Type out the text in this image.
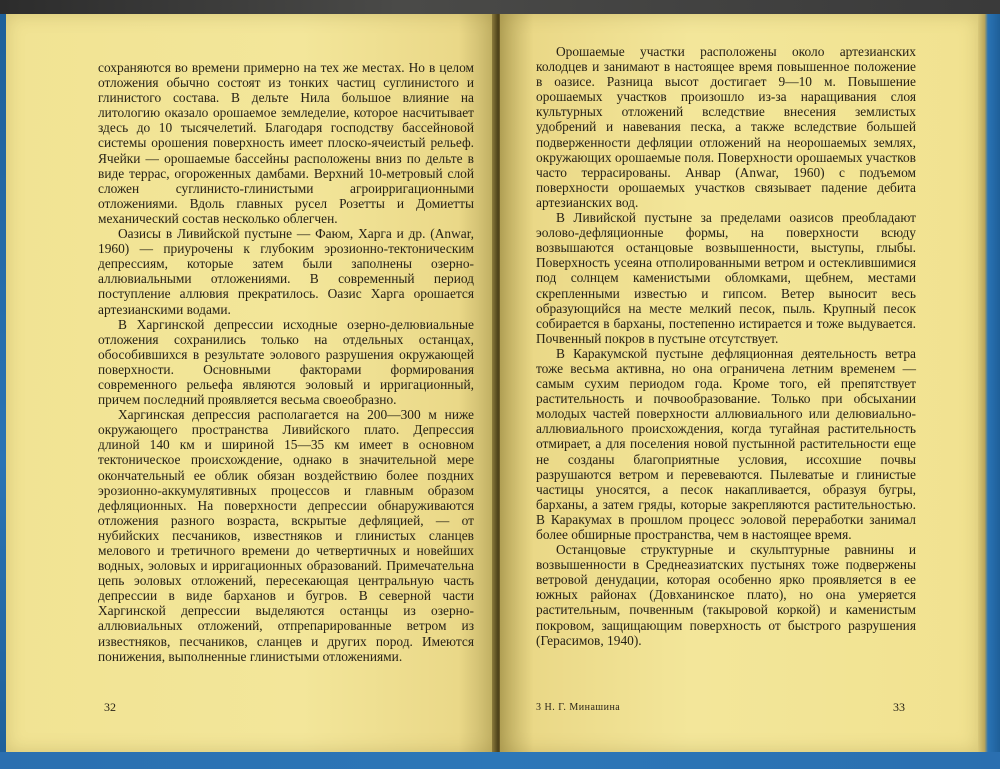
сохраняются во времени примерно на тех же местах. Но в целом отложения обычно состоят из тонких частиц суглинистого и глинистого состава. В дельте Нила большое влияние на литологию оказало орошаемое земледелие, которое насчитывает здесь до 10 тысячелетий. Благодаря господству бассейновой системы орошения поверхность имеет плоско-ячеистый рельеф. Ячейки — орошаемые бассейны расположены вниз по дельте в виде террас, огороженных дамбами. Верхний 10-метровый слой сложен суглинисто-глинистыми агроирригационными отложениями. Вдоль главных русел Розетты и Домиетты механический состав несколько облегчен.

Оазисы в Ливийской пустыне — Фаюм, Харга и др. (Anwar, 1960) — приурочены к глубоким эрозионно-тектоническим депрессиям, которые затем были заполнены озерно-аллювиальными отложениями. В современный период поступление аллювия прекратилось. Оазис Харга орошается артезианскими водами.

В Харгинской депрессии исходные озерно-делювиальные отложения сохранились только на отдельных останцах, обособившихся в результате эолового разрушения окружающей поверхности. Основными факторами формирования современного рельефа являются эоловый и ирригационный, причем последний проявляется весьма своеобразно.

Харгинская депрессия располагается на 200—300 м ниже окружающего пространства Ливийского плато. Депрессия длиной 140 км и шириной 15—35 км имеет в основном тектоническое происхождение, однако в значительной мере окончательный ее облик обязан воздействию более поздних эрозионно-аккумулятивных процессов и главным образом дефляционных. На поверхности депрессии обнаруживаются отложения разного возраста, вскрытые дефляцией, — от нубийских песчаников, известняков и глинистых сланцев мелового и третичного времени до четвертичных и новейших водных, эоловых и ирригационных образований. Примечательна цепь эоловых отложений, пересекающая центральную часть депрессии в виде барханов и бугров. В северной части Харгинской депрессии выделяются останцы из озерно-аллювиальных отложений, отпрепарированные ветром из известняков, песчаников, сланцев и других пород. Имеются понижения, выполненные глинистыми отложениями.

32

Орошаемые участки расположены около артезианских колодцев и занимают в настоящее время повышенное положение в оазисе. Разница высот достигает 9—10 м. Повышение орошаемых участков произошло из-за наращивания слоя культурных отложений вследствие внесения землистых удобрений и навевания песка, а также вследствие большей подверженности дефляции отложений на неорошаемых землях, окружающих орошаемые поля. Поверхности орошаемых участков часто террасированы. Анвар (Anwar, 1960) с подъемом поверхности орошаемых участков связывает падение дебита артезианских вод.

В Ливийской пустыне за пределами оазисов преобладают эолово-дефляционные формы, на поверхности всюду возвышаются останцовые возвышенности, выступы, глыбы. Поверхность усеяна отполированными ветром и остеклившимися под солнцем каменистыми обломками, щебнем, местами скрепленными известью и гипсом. Ветер выносит весь образующийся на месте мелкий песок, пыль. Крупный песок собирается в барханы, постепенно истирается и тоже выдувается. Почвенный покров в пустыне отсутствует.

В Каракумской пустыне дефляционная деятельность ветра тоже весьма активна, но она ограничена летним временем — самым сухим периодом года. Кроме того, ей препятствует растительность и почвообразование. Только при обсыхании молодых частей поверхности аллювиального или делювиально-аллювиального происхождения, когда тугайная растительность отмирает, а для поселения новой пустынной растительности еще не созданы благоприятные условия, иссохшие почвы разрушаются ветром и перевеваются. Пылеватые и глинистые частицы уносятся, а песок накапливается, образуя бугры, барханы, а затем гряды, которые закрепляются растительностью. В Каракумах в прошлом процесс эоловой переработки занимал более обширные пространства, чем в настоящее время.

Останцовые структурные и скульптурные равнины и возвышенности в Среднеазиатских пустынях тоже подвержены ветровой денудации, которая особенно ярко проявляется в ее южных районах (Довханинское плато), но она умеряется растительным, почвенным (такыровой коркой) и каменистым покровом, защищающим поверхность от быстрого разрушения (Герасимов, 1940).

3 Н. Г. Минашина	33
